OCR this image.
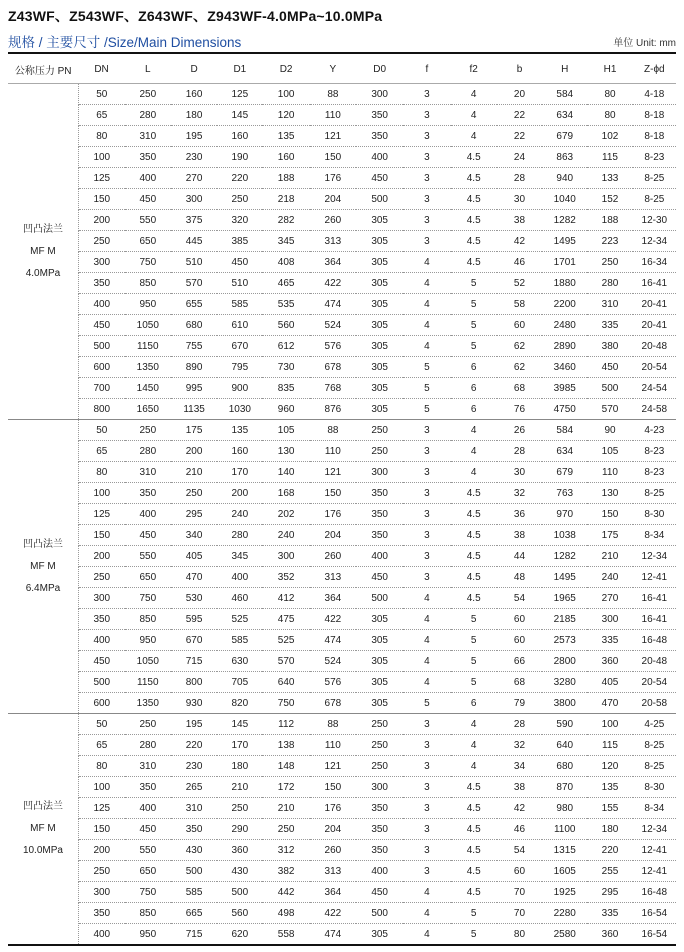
Z43WF、Z543WF、Z643WF、Z943WF-4.0MPa~10.0MPa
规格 / 主要尺寸 /Size/Main Dimensions	单位 Unit: mm
公称压力 PN	DN	L	D	D1	D2	Y	D0	f	f2	b	H	H1	Z-ϕd

凹凸法兰
MF M
4.0MPa	50	250	160	125	100	88	300	3	4	20	584	80	4-18
	65	280	180	145	120	110	350	3	4	22	634	80	8-18
	80	310	195	160	135	121	350	3	4	22	679	102	8-18
	100	350	230	190	160	150	400	3	4.5	24	863	115	8-23
	125	400	270	220	188	176	450	3	4.5	28	940	133	8-25
	150	450	300	250	218	204	500	3	4.5	30	1040	152	8-25
	200	550	375	320	282	260	305	3	4.5	38	1282	188	12-30
	250	650	445	385	345	313	305	3	4.5	42	1495	223	12-34
	300	750	510	450	408	364	305	4	4.5	46	1701	250	16-34
	350	850	570	510	465	422	305	4	5	52	1880	280	16-41
	400	950	655	585	535	474	305	4	5	58	2200	310	20-41
	450	1050	680	610	560	524	305	4	5	60	2480	335	20-41
	500	1150	755	670	612	576	305	4	5	62	2890	380	20-48
	600	1350	890	795	730	678	305	5	6	62	3460	450	20-54
	700	1450	995	900	835	768	305	5	6	68	3985	500	24-54
	800	1650	1135	1030	960	876	305	5	6	76	4750	570	24-58

凹凸法兰
MF M
6.4MPa	50	250	175	135	105	88	250	3	4	26	584	90	4-23
	65	280	200	160	130	110	250	3	4	28	634	105	8-23
	80	310	210	170	140	121	300	3	4	30	679	110	8-23
	100	350	250	200	168	150	350	3	4.5	32	763	130	8-25
	125	400	295	240	202	176	350	3	4.5	36	970	150	8-30
	150	450	340	280	240	204	350	3	4.5	38	1038	175	8-34
	200	550	405	345	300	260	400	3	4.5	44	1282	210	12-34
	250	650	470	400	352	313	450	3	4.5	48	1495	240	12-41
	300	750	530	460	412	364	500	4	4.5	54	1965	270	16-41
	350	850	595	525	475	422	305	4	5	60	2185	300	16-41
	400	950	670	585	525	474	305	4	5	60	2573	335	16-48
	450	1050	715	630	570	524	305	4	5	66	2800	360	20-48
	500	1150	800	705	640	576	305	4	5	68	3280	405	20-54
	600	1350	930	820	750	678	305	5	6	79	3800	470	20-58

凹凸法兰
MF M
10.0MPa	50	250	195	145	112	88	250	3	4	28	590	100	4-25
	65	280	220	170	138	110	250	3	4	32	640	115	8-25
	80	310	230	180	148	121	250	3	4	34	680	120	8-25
	100	350	265	210	172	150	300	3	4.5	38	870	135	8-30
	125	400	310	250	210	176	350	3	4.5	42	980	155	8-34
	150	450	350	290	250	204	350	3	4.5	46	1100	180	12-34
	200	550	430	360	312	260	350	3	4.5	54	1315	220	12-41
	250	650	500	430	382	313	400	3	4.5	60	1605	255	12-41
	300	750	585	500	442	364	450	4	4.5	70	1925	295	16-48
	350	850	665	560	498	422	500	4	5	70	2280	335	16-54
	400	950	715	620	558	474	305	4	5	80	2580	360	16-54
